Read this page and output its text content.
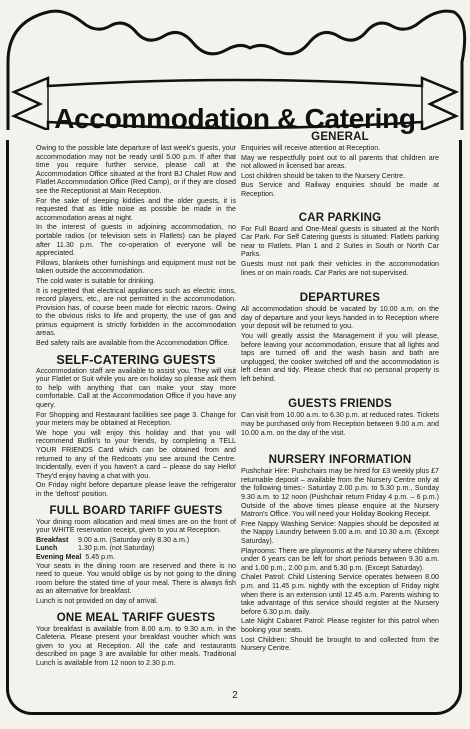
Accommodation & Catering

Owing to the possible late departure of last week's guests, your accommodation may not be ready until 5.00 p.m. If after that time you require further service, please call at the Accommodation Office situated at the front BJ Chalet Row and Flatlet Accommodation Office (Red Camp), or if they are closed see the Receptionist at Main Reception.

For the sake of sleeping kiddies and the older guests, it is requested that as little noise as possible be made in the accommodation areas at night.

In the interest of guests in adjoining accommodation, no portable radios (or television sets in Flatlets) can be played after 11.30 p.m. The co-operation of everyone will be appreciated.

Pillows, blankets other furnishings and equipment must not be taken outside the accommodation.

The cold water is suitable for drinking.

It is regretted that electrical appliances such as electric irons, record players, etc., are not permitted in the accommodation. Provision has, of course been made for electric razors. Owing to the obvious risks to life and property, the use of gas and primus equipment is strictly forbidden in the accommodation areas.

Bed safety rails are available from the Accommodation Office.

SELF-CATERING GUESTS

Accommodation staff are available to assist you. They will visit your Flatlet or Suit while you are on holiday so please ask them to help with anything that can make your stay more comfortable. Call at the Accommodation Office if you have any query.

For Shopping and Restaurant facilities see page 3. Change for your meters may be obtained at Reception.

We hope you will enjoy this holiday and that you will recommend Butlin's to your friends, by completing a TELL YOUR FRIENDS Card which can be obtained from and returned to any of the Redcoats you see around the Centre. Incidentally, even if you haven't a card – please do say Hello! They'd enjoy having a chat with you.

On Friday night before departure please leave the refrigerator in the 'defrost' position.

FULL BOARD TARIFF GUESTS

Your dining room allocation and meal times are on the front of your WHITE reservation receipt, given to you at Reception.

Breakfast	9.00 a.m. (Saturday only 8.30 a.m.)
Lunch	1.30 p.m. (not Saturday)
Evening Meal 5.45 p.m.

Your seats in the dining room are reserved and there is no need to queue. You would oblige us by not going to the dining room before the stated time of your meal. There is always fish as an alternative for breakfast.

Lunch is not provided on day of arrival.

ONE MEAL TARIFF GUESTS

Your breakfast is available from 8.00 a.m. to 9.30 a.m. in the Cafeteria. Please present your breakfast voucher which was given to you at Reception. All the cafe and restaurants described on page 3 are available for other meals. Traditional Lunch is available from 12 noon to 2.30 p.m.

GENERAL

Enquiries will receive attention at Reception.

May we respectfully point out to all parents that children are not allowed in licensed bar areas.

Lost children should be taken to the Nursery Centre.

Bus Service and Railway enquiries should be made at Reception.

CAR PARKING

For Full Board and One-Meal guests is situated at the North Car Park. For Self Catering guests is situated: Flatlets parking near to Flatlets. Plan 1 and 2 Suites in South or North Car Parks.

Guests must not park their vehicles in the accommodation lines or on main roads. Car Parks are not supervised.

DEPARTURES

All accommodation should be vacated by 10.00 a.m. on the day of departure and your keys handed in to Reception where your deposit will be returned to you.

You will greatly assist the Management if you will please, before leaving your accommodation, ensure that all lights and taps are turned off and the wash basin and bath are unplugged, the cooker switched off and the accommodation is left clean and tidy. Please check that no personal property is left behind.

GUESTS FRIENDS

Can visit from 10.00 a.m. to 6.30 p.m. at reduced rates. Tickets may be purchased only from Reception between 9.00 a.m. and 10.00 a.m. on the day of the visit.

NURSERY INFORMATION

Pushchair Hire: Pushchairs may be hired for £3 weekly plus £7 returnable deposit – available from the Nursery Centre only at the following times:- Saturday 2.00 p.m. to 5.30 p.m., Sunday 9.30 a.m. to 12 noon (Pushchair return Friday 4 p.m. – 6 p.m.) Outside of the above times please enquire at the Nursery Matron's Office. You will need your Holiday Booking Receipt.

Free Nappy Washing Service: Nappies should be deposited at the Nappy Laundry between 9.00 a.m. and 10.30 a.m. (Except Saturday).

Playrooms: There are playrooms at the Nursery where children under 6 years can be left for short periods between 9.30 a.m. and 1.00 p.m., 2.00 p.m. and 5.30 p.m. (Except Saturday).

Chalet Patrol: Child Listening Service operates between 8.00 p.m. and 11.45 p.m. nightly with the exception of Friday night when there is an extension until 12.45 a.m. Parents wishing to take advantage of this service should register at the Nursery before 6.30 p.m. daily.

Late Night Cabaret Patrol: Please register for this patrol when booking your seats.

Lost Children: Should be brought to and collected from the Nursery Centre.

2
